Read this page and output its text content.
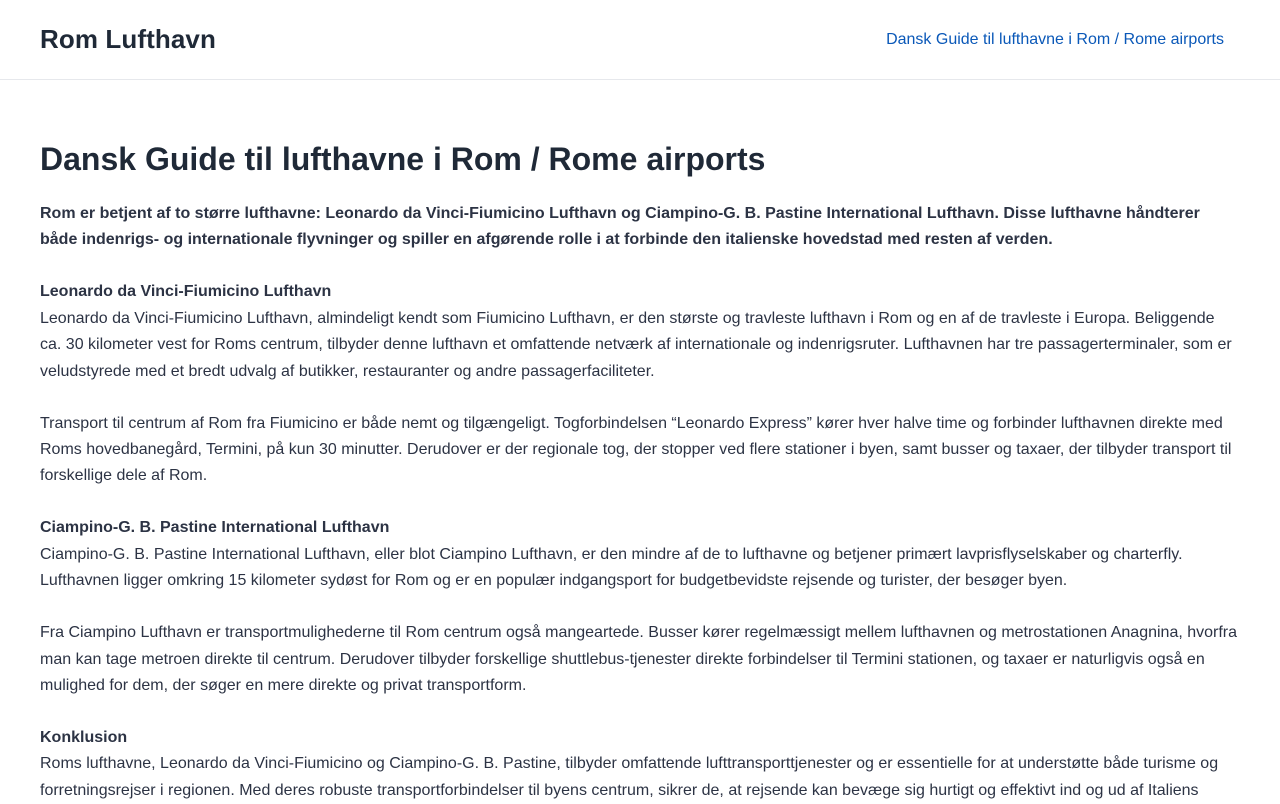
Rom Lufthavn	Dansk Guide til lufthavne i Rom / Rome airports
Dansk Guide til lufthavne i Rom / Rome airports

Rom er betjent af to større lufthavne: Leonardo da Vinci-Fiumicino Lufthavn og Ciampino-G. B. Pastine International Lufthavn. Disse lufthavne håndterer både indenrigs- og internationale flyvninger og spiller en afgørende rolle i at forbinde den italienske hovedstad med resten af verden.

Leonardo da Vinci-Fiumicino Lufthavn
Leonardo da Vinci-Fiumicino Lufthavn, almindeligt kendt som Fiumicino Lufthavn, er den største og travleste lufthavn i Rom og en af de travleste i Europa. Beliggende ca. 30 kilometer vest for Roms centrum, tilbyder denne lufthavn et omfattende netværk af internationale og indenrigsruter. Lufthavnen har tre passagerterminaler, som er veludstyrede med et bredt udvalg af butikker, restauranter og andre passagerfaciliteter.

Transport til centrum af Rom fra Fiumicino er både nemt og tilgængeligt. Togforbindelsen “Leonardo Express” kører hver halve time og forbinder lufthavnen direkte med Roms hovedbanegård, Termini, på kun 30 minutter. Derudover er der regionale tog, der stopper ved flere stationer i byen, samt busser og taxaer, der tilbyder transport til forskellige dele af Rom.

Ciampino-G. B. Pastine International Lufthavn
Ciampino-G. B. Pastine International Lufthavn, eller blot Ciampino Lufthavn, er den mindre af de to lufthavne og betjener primært lavprisflyselskaber og charterfly. Lufthavnen ligger omkring 15 kilometer sydøst for Rom og er en populær indgangsport for budgetbevidste rejsende og turister, der besøger byen.

Fra Ciampino Lufthavn er transportmulighederne til Rom centrum også mangeartede. Busser kører regelmæssigt mellem lufthavnen og metrostationen Anagnina, hvorfra man kan tage metroen direkte til centrum. Derudover tilbyder forskellige shuttlebus-tjenester direkte forbindelser til Termini stationen, og taxaer er naturligvis også en mulighed for dem, der søger en mere direkte og privat transportform.

Konklusion
Roms lufthavne, Leonardo da Vinci-Fiumicino og Ciampino-G. B. Pastine, tilbyder omfattende lufttransporttjenester og er essentielle for at understøtte både turisme og forretningsrejser i regionen. Med deres robuste transportforbindelser til byens centrum, sikrer de, at rejsende kan bevæge sig hurtigt og effektivt ind og ud af Italiens
